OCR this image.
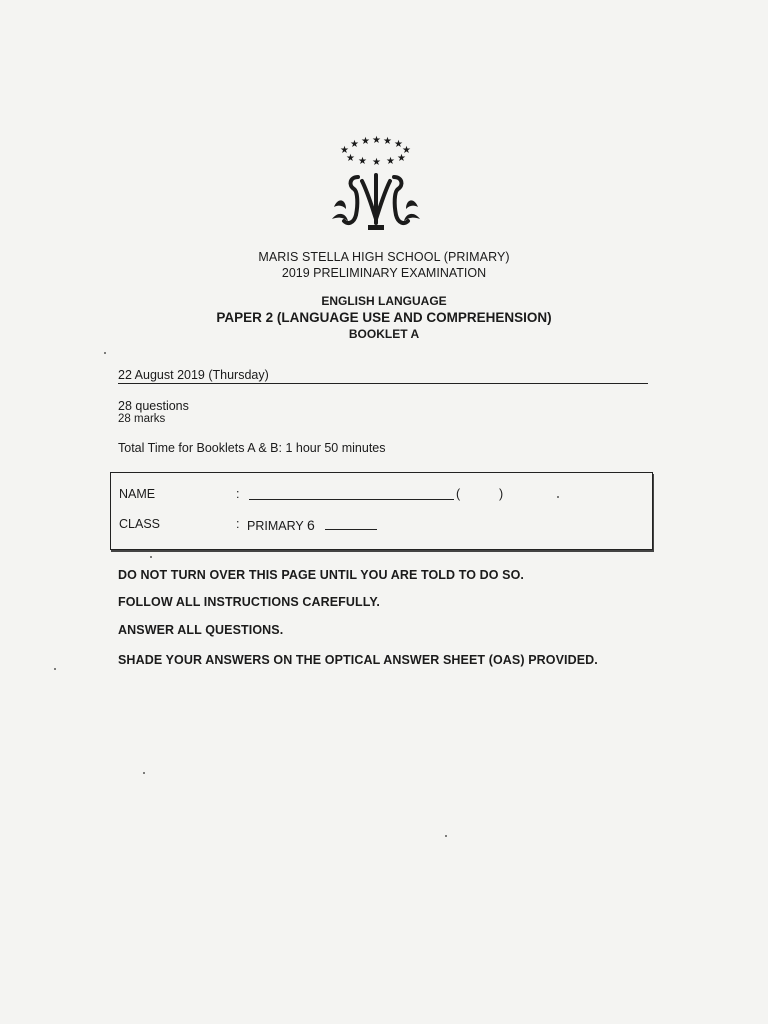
★
★ ★ ★ ★ ★
★
★ ★ ★ ★ ★
MARIS STELLA HIGH SCHOOL (PRIMARY)
2019 PRELIMINARY EXAMINATION
ENGLISH LANGUAGE
PAPER 2 (LANGUAGE USE AND COMPREHENSION)
BOOKLET A
22 August 2019 (Thursday)
28 questions
28 marks
Total Time for Booklets A & B: 1 hour 50 minutes
NAME	:	(	)
CLASS	: PRIMARY 6
DO NOT TURN OVER THIS PAGE UNTIL YOU ARE TOLD TO DO SO.
FOLLOW ALL INSTRUCTIONS CAREFULLY.
ANSWER ALL QUESTIONS.
SHADE YOUR ANSWERS ON THE OPTICAL ANSWER SHEET (OAS) PROVIDED.
